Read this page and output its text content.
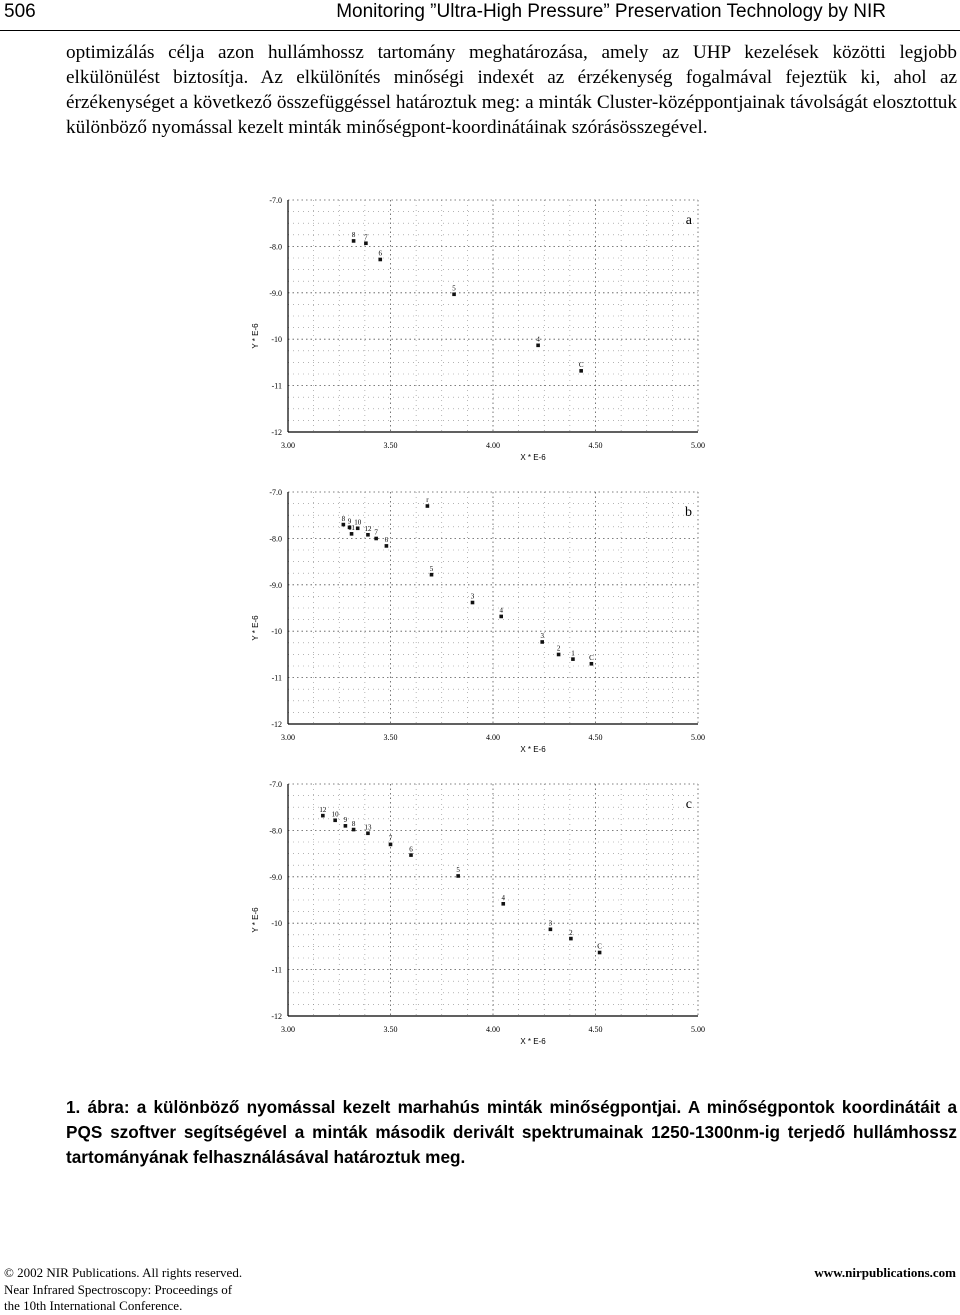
506	Monitoring ”Ultra-High Pressure” Preservation Technology by NIR
optimizálás célja azon hullámhossz tartomány meghatározása, amely az UHP kezelések közötti legjobb elkülönülést biztosítja. Az elkülönítés minőségi indexét az érzékenység fogalmával fejeztük ki, ahol az érzékenységet a következő összefüggéssel határoztuk meg: a minták Cluster-középpontjainak távolságát elosztottuk különböző nyomással kezelt minták minőségpont-koordinátáinak szórásösszegével.
3.00	3.50	4.00	4.50	5.00
-7.0
-8.0
-9.0
-10
-11
-12
X * E-6
Y * E-6
a
8 7
6
5
4
C
3.00	3.50	4.00	4.50	5.00
-7.0
-8.0
-9.0
-10
-11
-12
X * E-6
Y * E-6
b
r
8 9 10
11 12 7
6
5
3
4
3
2
1
C
3.00	3.50	4.00	4.50	5.00
-7.0
-8.0
-9.0
-10
-11
-12
X * E-6
Y * E-6
c
12
10
9 8 13
7
6
5
4
3
2
C
1. ábra: a különböző nyomással kezelt marhahús minták minőségpontjai. A minőségpontok koordinátáit a PQS szoftver segítségével a minták második derivált spektrumainak 1250-1300nm-ig terjedő hullámhossz tartományának felhasználásával határoztuk meg.
© 2002 NIR Publications. All rights reserved.
Near Infrared Spectroscopy: Proceedings of
the 10th International Conference.
www.nirpublications.com
